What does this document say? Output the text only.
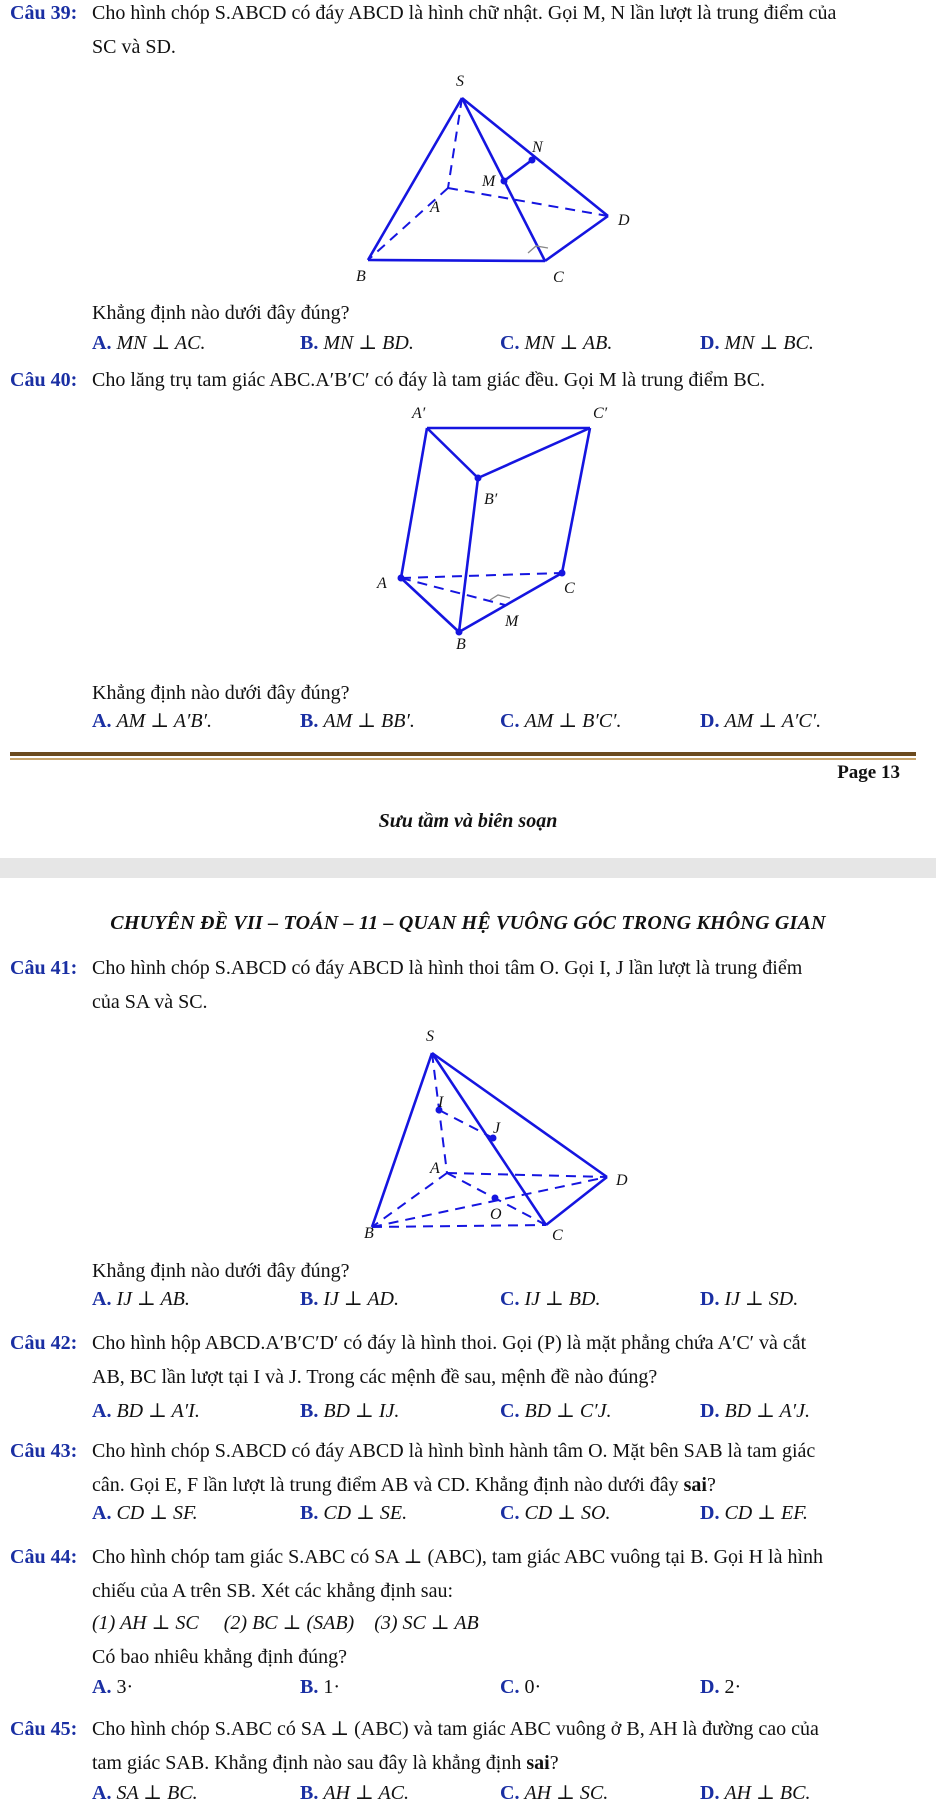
Câu 39: Cho hình chóp S.ABCD có đáy ABCD là hình chữ nhật. Gọi M, N lần lượt là trung điểm của
SC và SD.
S
N
M
A
D
B	C
Khẳng định nào dưới đây đúng?
A. MN ⊥ AC.	B. MN ⊥ BD.	C. MN ⊥ AB.	D. MN ⊥ BC.
Câu 40: Cho lăng trụ tam giác ABC.A′B′C′ có đáy là tam giác đều. Gọi M là trung điểm BC.
A′	C′
B′
A	C
M
B
Khẳng định nào dưới đây đúng?
A. AM ⊥ A′B′.	B. AM ⊥ BB′.	C. AM ⊥ B′C′.	D. AM ⊥ A′C′.
Page 13
Sưu tầm và biên soạn
CHUYÊN ĐỀ VII – TOÁN – 11 – QUAN HỆ VUÔNG GÓC TRONG KHÔNG GIAN
Câu 41: Cho hình chóp S.ABCD có đáy ABCD là hình thoi tâm O. Gọi I, J lần lượt là trung điểm
của SA và SC.
S
I
J
A
D
O
B	C
Khẳng định nào dưới đây đúng?
A. IJ ⊥ AB.	B. IJ ⊥ AD.	C. IJ ⊥ BD.	D. IJ ⊥ SD.
Câu 42: Cho hình hộp ABCD.A′B′C′D′ có đáy là hình thoi. Gọi (P) là mặt phẳng chứa A′C′ và cắt
AB, BC lần lượt tại I và J. Trong các mệnh đề sau, mệnh đề nào đúng?
A. BD ⊥ A′I.	B. BD ⊥ IJ.	C. BD ⊥ C′J.	D. BD ⊥ A′J.
Câu 43: Cho hình chóp S.ABCD có đáy ABCD là hình bình hành tâm O. Mặt bên SAB là tam giác
cân. Gọi E, F lần lượt là trung điểm AB và CD. Khẳng định nào dưới đây sai?
A. CD ⊥ SF.	B. CD ⊥ SE.	C. CD ⊥ SO.	D. CD ⊥ EF.
Câu 44: Cho hình chóp tam giác S.ABC có SA ⊥ (ABC), tam giác ABC vuông tại B. Gọi H là hình
chiếu của A trên SB. Xét các khẳng định sau:
(1) AH ⊥ SC     (2) BC ⊥ (SAB)    (3) SC ⊥ AB
Có bao nhiêu khẳng định đúng?
A. 3·	B. 1·	C. 0·	D. 2·
Câu 45: Cho hình chóp S.ABC có SA ⊥ (ABC) và tam giác ABC vuông ở B, AH là đường cao của
tam giác SAB. Khẳng định nào sau đây là khẳng định sai?
A. SA ⊥ BC.	B. AH ⊥ AC.	C. AH ⊥ SC.	D. AH ⊥ BC.
